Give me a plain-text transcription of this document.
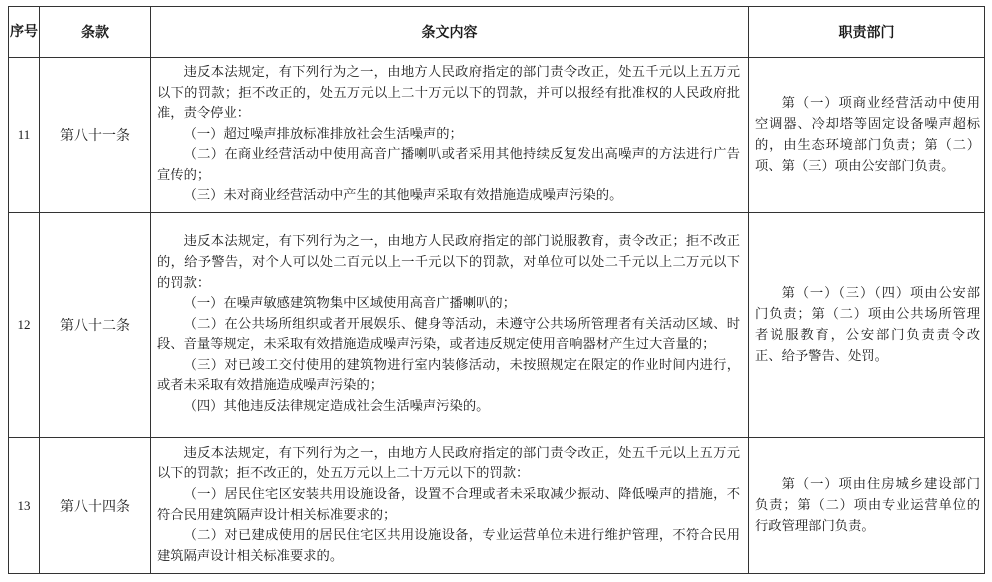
序号	条款	条文内容	职责部门
11	第八十一条	违反本法规定，有下列行为之一，由地方人民政府指定的部门责令改正，处五千元以上五万元以下的罚款；拒不改正的，处五万元以上二十万元以下的罚款，并可以报经有批准权的人民政府批准，责令停业：
（一）超过噪声排放标准排放社会生活噪声的；
（二）在商业经营活动中使用高音广播喇叭或者采用其他持续反复发出高噪声的方法进行广告宣传的；
（三）未对商业经营活动中产生的其他噪声采取有效措施造成噪声污染的。	第（一）项商业经营活动中使用空调器、冷却塔等固定设备噪声超标的，由生态环境部门负责；第（二）项、第（三）项由公安部门负责。

12	第八十二条	违反本法规定，有下列行为之一，由地方人民政府指定的部门说服教育，责令改正；拒不改正的，给予警告，对个人可以处二百元以上一千元以下的罚款，对单位可以处二千元以上二万元以下的罚款：
（一）在噪声敏感建筑物集中区域使用高音广播喇叭的；
（二）在公共场所组织或者开展娱乐、健身等活动，未遵守公共场所管理者有关活动区域、时段、音量等规定，未采取有效措施造成噪声污染，或者违反规定使用音响器材产生过大音量的；
（三）对已竣工交付使用的建筑物进行室内装修活动，未按照规定在限定的作业时间内进行，或者未采取有效措施造成噪声污染的；
（四）其他违反法律规定造成社会生活噪声污染的。	第（一）（三）（四）项由公安部门负责；第（二）项由公共场所管理者说服教育，公安部门负责责令改正、给予警告、处罚。

13	第八十四条	违反本法规定，有下列行为之一，由地方人民政府指定的部门责令改正，处五千元以上五万元以下的罚款；拒不改正的，处五万元以上二十万元以下的罚款：
（一）居民住宅区安装共用设施设备，设置不合理或者未采取减少振动、降低噪声的措施，不符合民用建筑隔声设计相关标准要求的；
（二）对已建成使用的居民住宅区共用设施设备，专业运营单位未进行维护管理，不符合民用建筑隔声设计相关标准要求的。	第（一）项由住房城乡建设部门负责；第（二）项由专业运营单位的行政管理部门负责。
